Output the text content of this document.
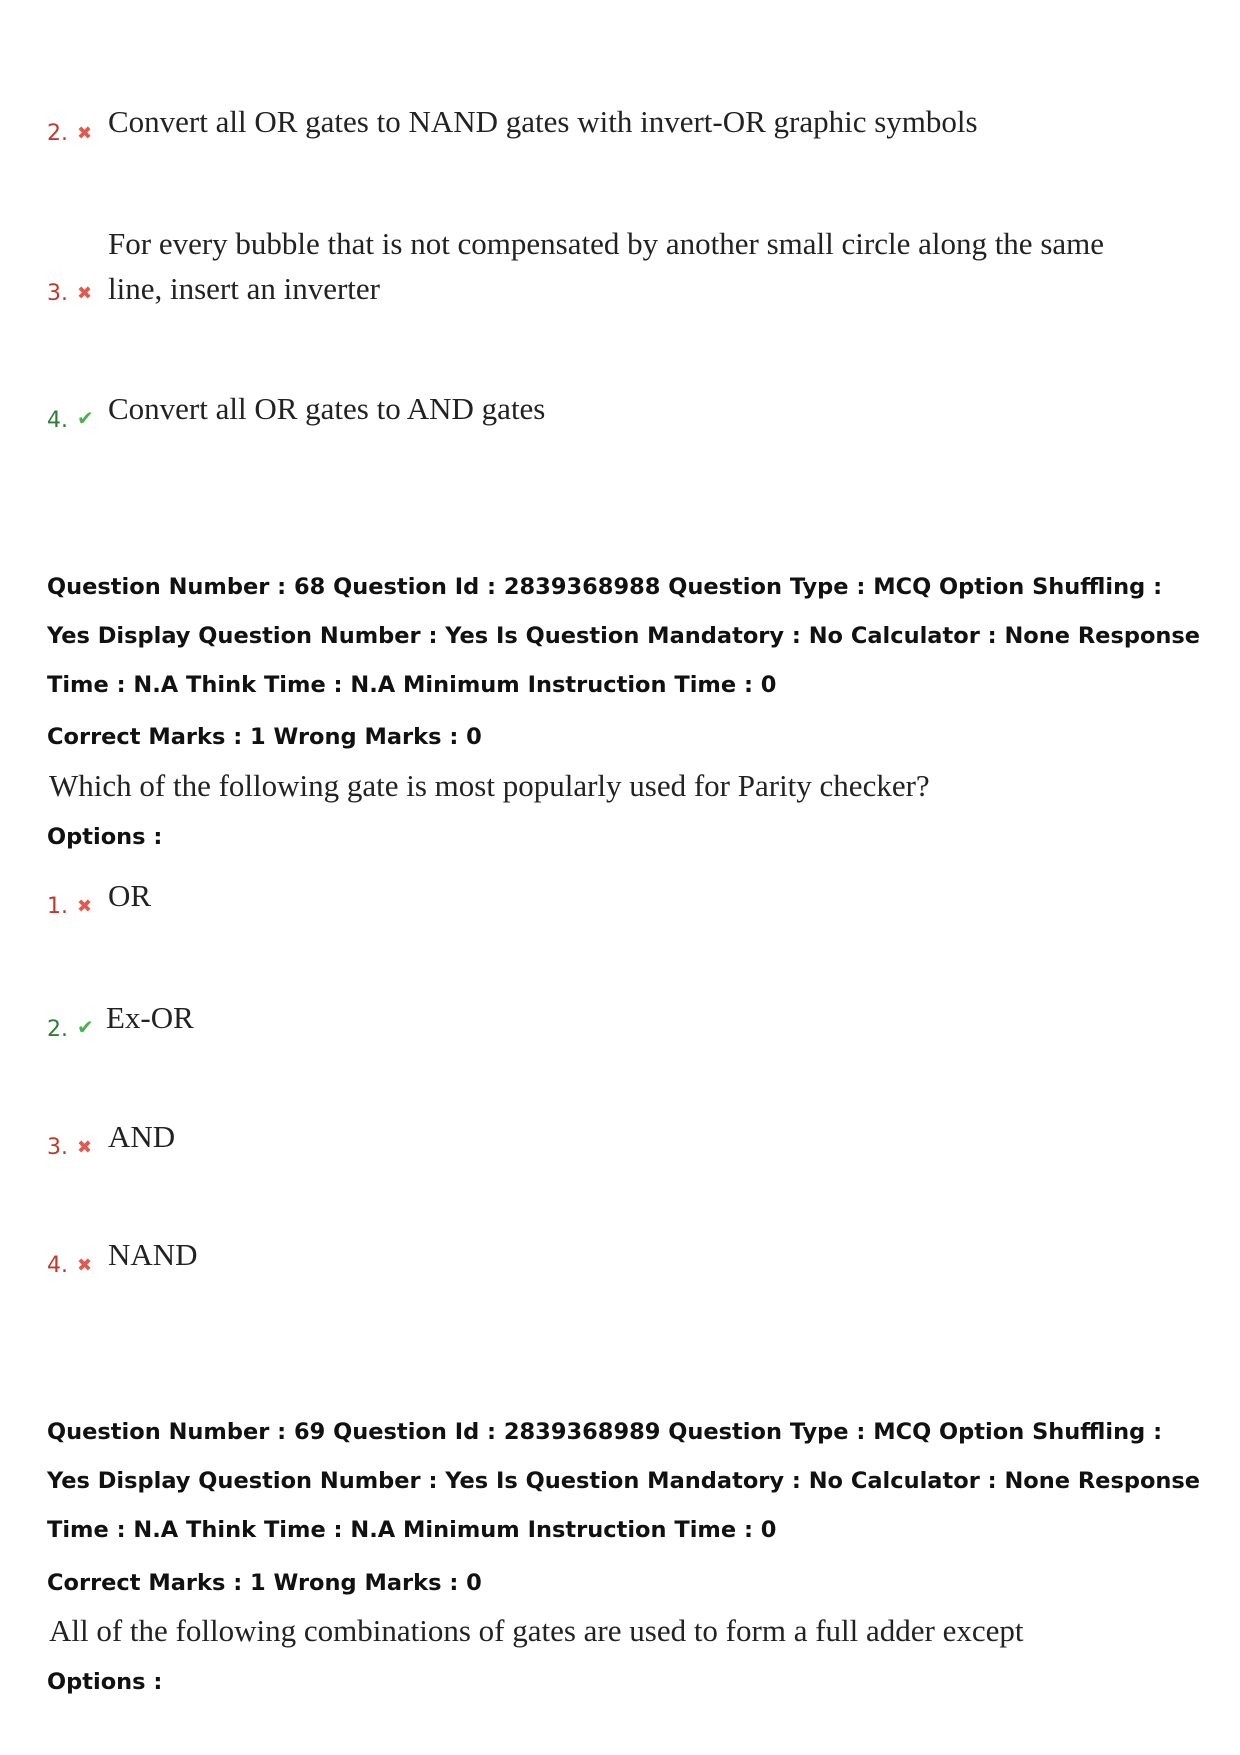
2. ✖ Convert all OR gates to NAND gates with invert-OR graphic symbols
3. ✖
For every bubble that is not compensated by another small circle along the same
line, insert an inverter
4. ✔ Convert all OR gates to AND gates
Question Number : 68 Question Id : 2839368988 Question Type : MCQ Option Shuffling : Yes Display Question Number : Yes Is Question Mandatory : No Calculator : None Response Time : N.A Think Time : N.A Minimum Instruction Time : 0
Correct Marks : 1 Wrong Marks : 0
Which of the following gate is most popularly used for Parity checker?
Options :
1. ✖ OR
2. ✔ Ex-OR
3. ✖ AND
4. ✖ NAND
Question Number : 69 Question Id : 2839368989 Question Type : MCQ Option Shuffling : Yes Display Question Number : Yes Is Question Mandatory : No Calculator : None Response Time : N.A Think Time : N.A Minimum Instruction Time : 0
Correct Marks : 1 Wrong Marks : 0
All of the following combinations of gates are used to form a full adder except
Options :
